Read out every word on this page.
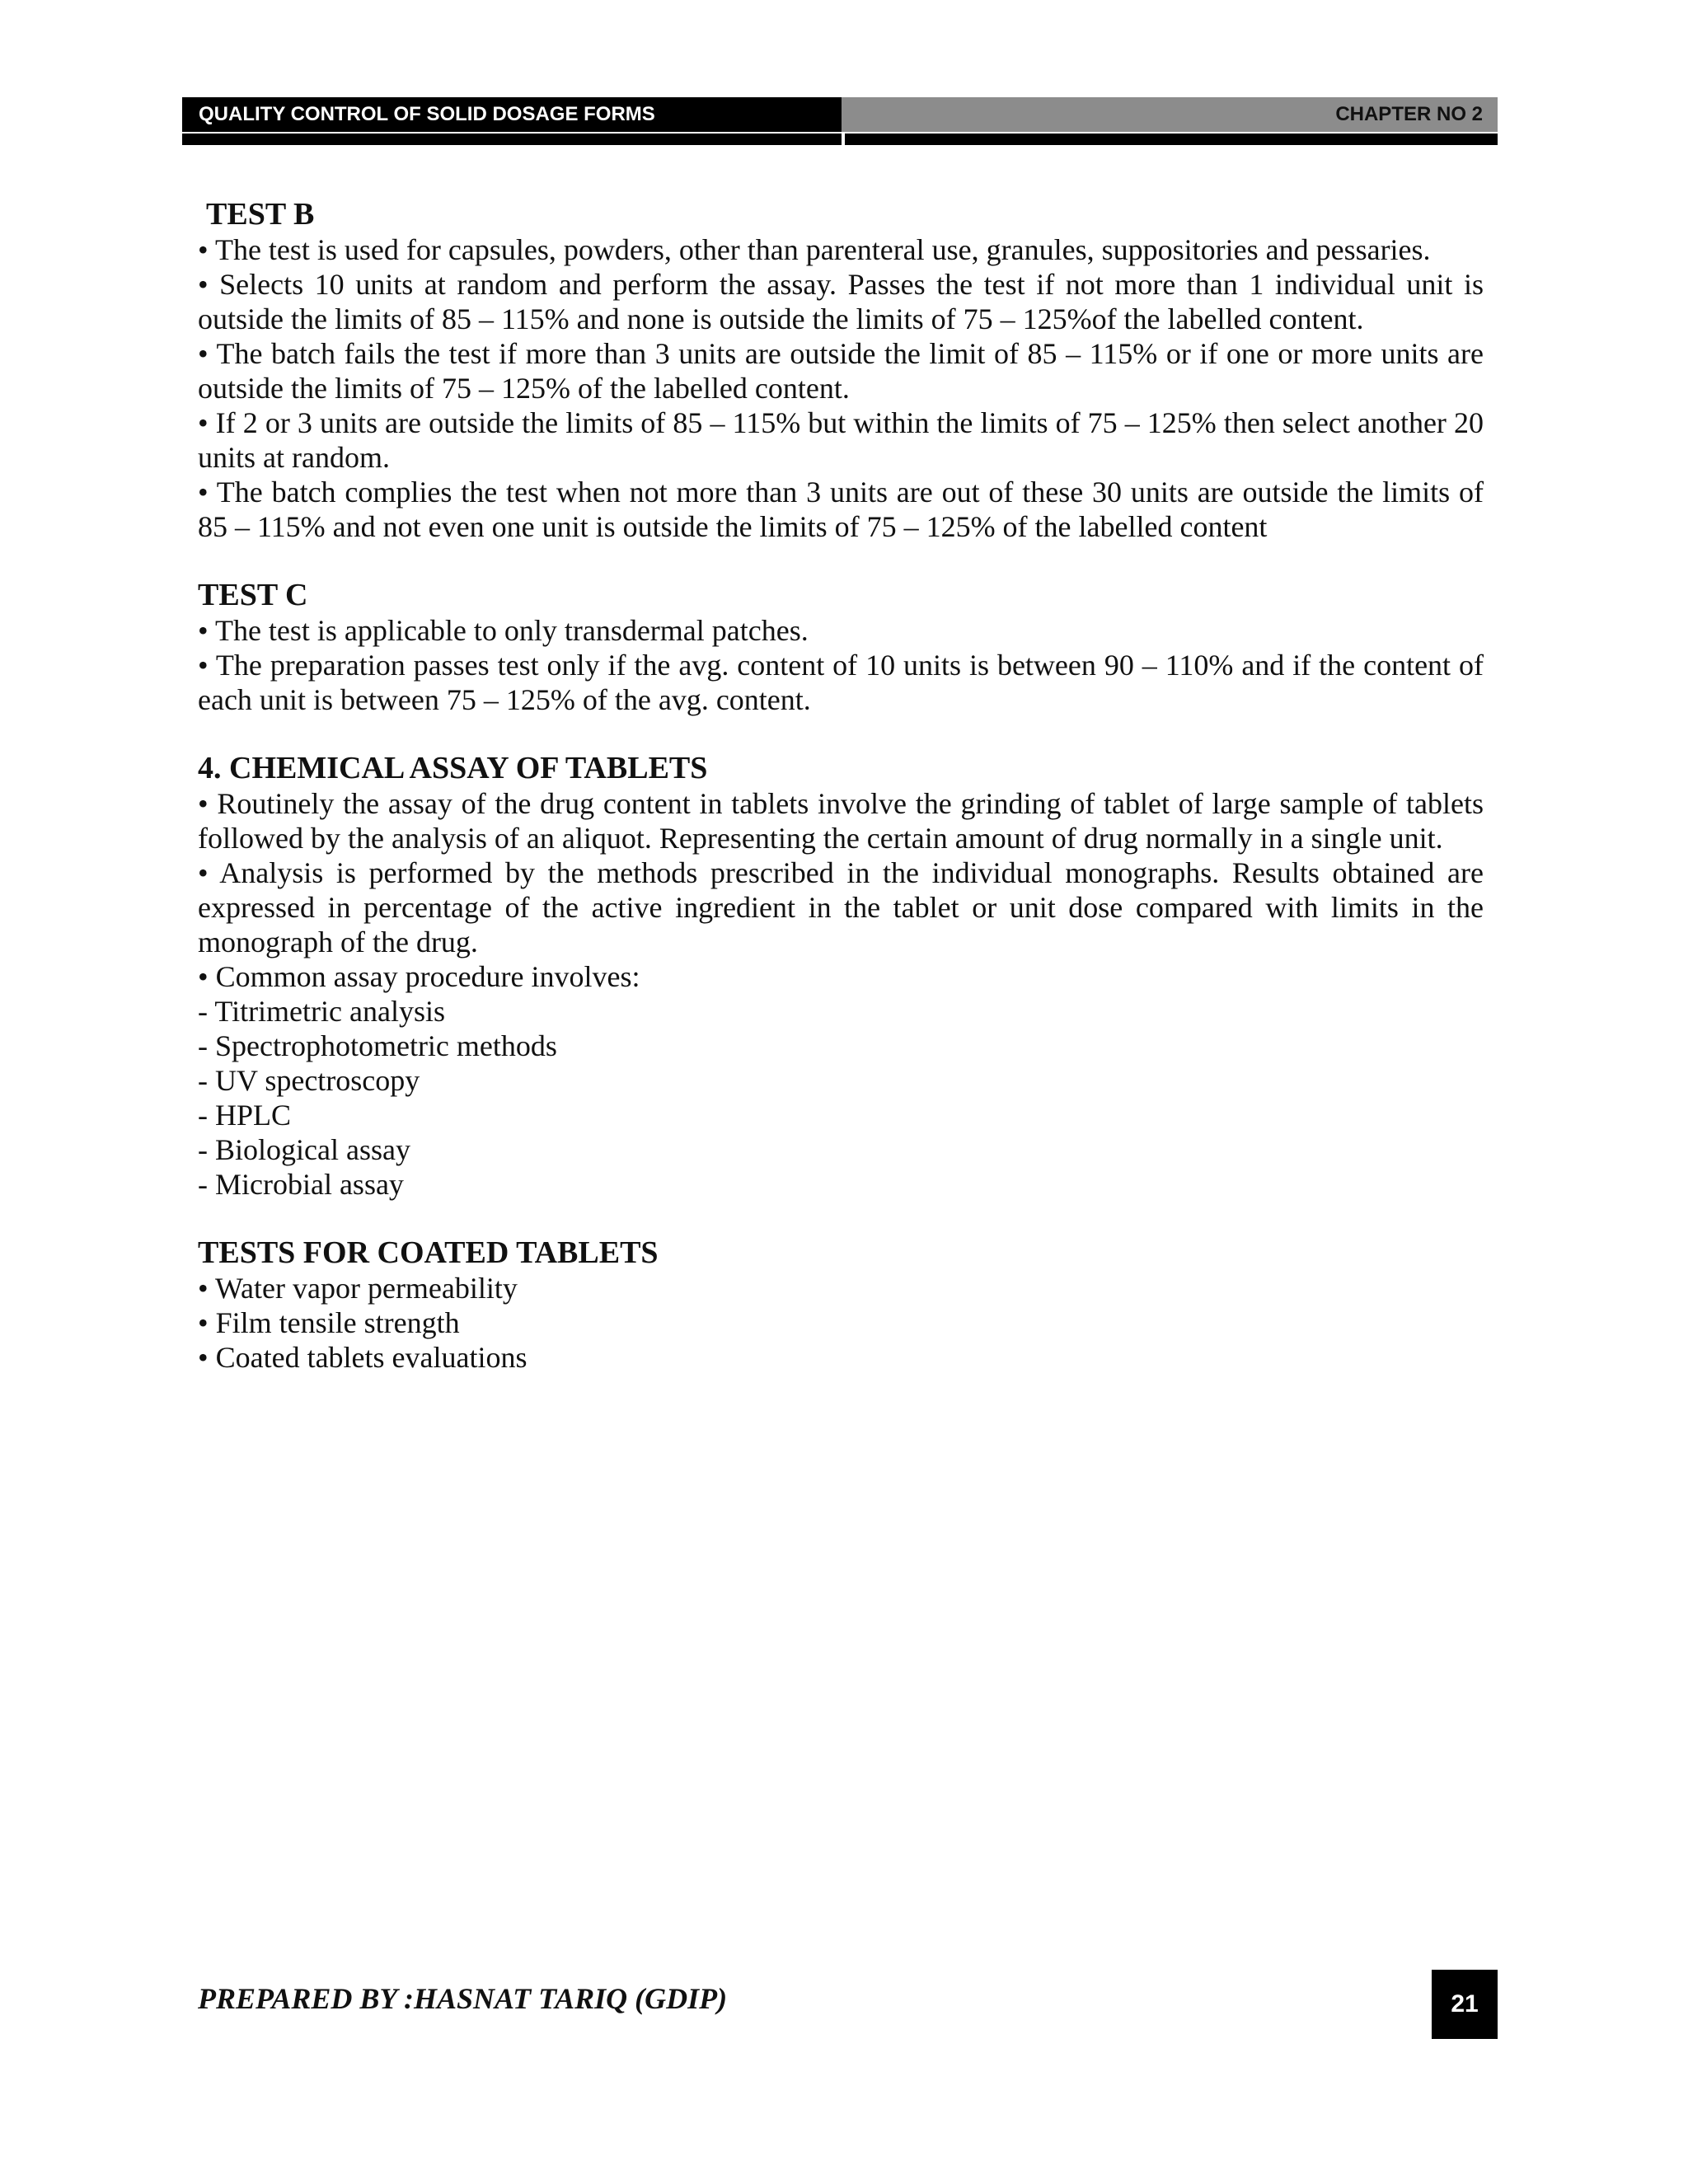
QUALITY CONTROL OF SOLID DOSAGE FORMS	CHAPTER NO 2
TEST B

• The test is used for capsules, powders, other than parenteral use, granules, suppositories and pessaries.

• Selects 10 units at random and perform the assay. Passes the test if not more than 1 individual unit is outside the limits of 85 – 115% and none is outside the limits of 75 – 125%of the labelled content.

• The batch fails the test if more than 3 units are outside the limit of 85 – 115% or if one or more units are outside the limits of 75 – 125% of the labelled content.

• If 2 or 3 units are outside the limits of 85 – 115% but within the limits of 75 – 125% then select another 20 units at random.

• The batch complies the test when not more than 3 units are out of these 30 units are outside the limits of 85 – 115% and not even one unit is outside the limits of 75 – 125% of the labelled content

TEST C

• The test is applicable to only transdermal patches.

• The preparation passes test only if the avg. content of 10 units is between 90 – 110% and if the content of each unit is between 75 – 125% of the avg. content.

4. CHEMICAL ASSAY OF TABLETS

• Routinely the assay of the drug content in tablets involve the grinding of tablet of large sample of tablets followed by the analysis of an aliquot. Representing the certain amount of drug normally in a single unit.

• Analysis is performed by the methods prescribed in the individual monographs. Results obtained are expressed in percentage of the active ingredient in the tablet or unit dose compared with limits in the monograph of the drug.

• Common assay procedure involves:

- Titrimetric analysis

- Spectrophotometric methods

- UV spectroscopy

- HPLC

- Biological assay

- Microbial assay

TESTS FOR COATED TABLETS

• Water vapor permeability

• Film tensile strength

• Coated tablets evaluations

PREPARED BY :HASNAT TARIQ (GDIP)	21
